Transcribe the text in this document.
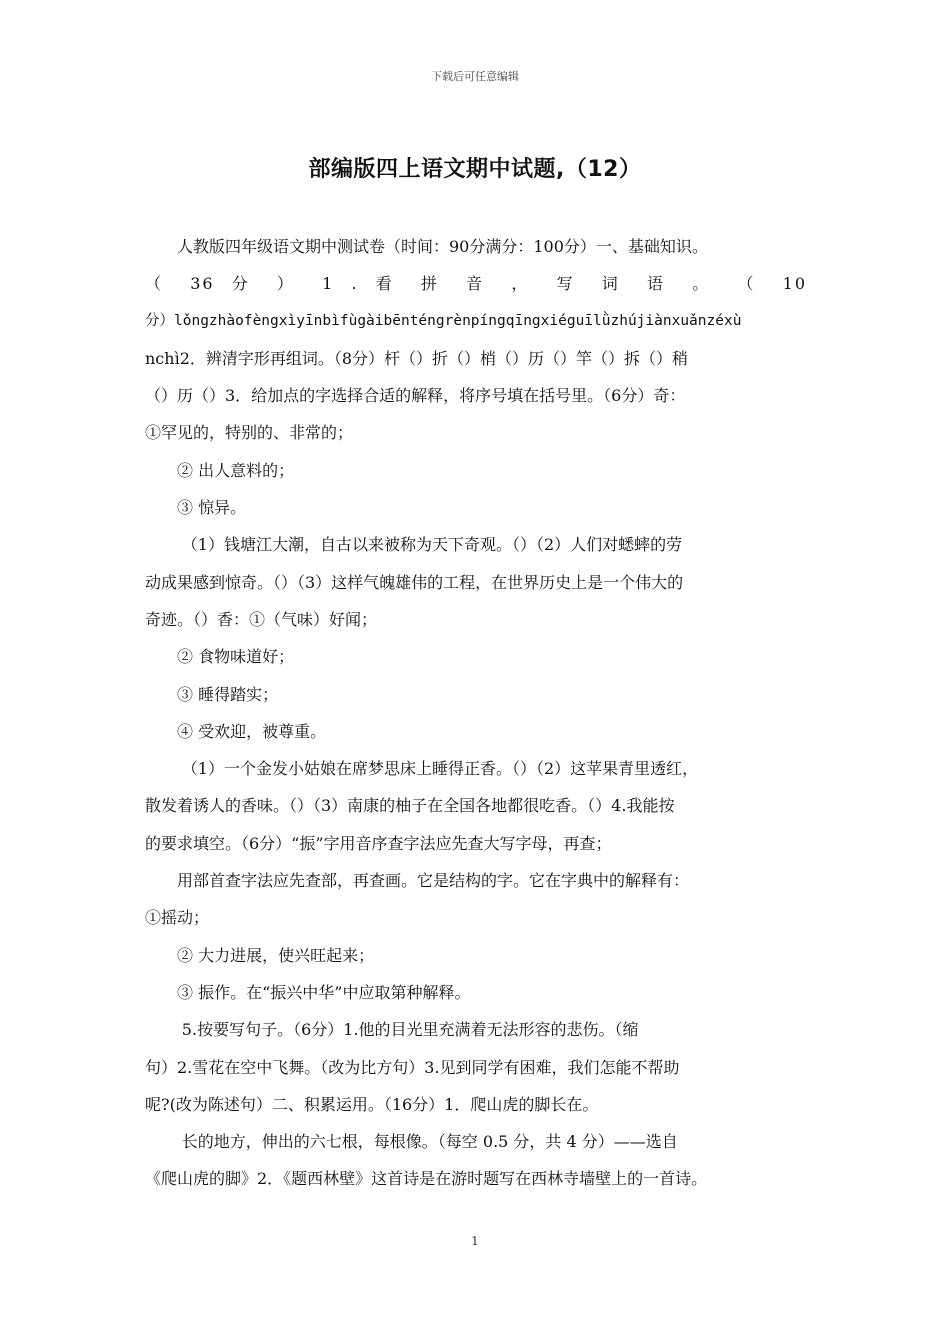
下载后可任意编辑
部编版四上语文期中试题,（12）

人教版四年级语文期中测试卷（时间：90分满分：100分）一、基础知识。

（ 36 分 ） 1 . 看 拼 音 ， 写 词 语 。 （ 10

分）lǒngzhàofèngxìyīnbìfùgàibēnténgrènpíngqīngxiéguīlǜzhújiànxuǎnzéxù

nchì2．辨清字形再组词。（8分）杆（）折（）梢（）历（）竿（）拆（）稍

（）历（）3．给加点的字选择合适的解释，将序号填在括号里。（6分）奇：

①罕见的，特别的、非常的；

② 出人意料的；

③ 惊异。

（1）钱塘江大潮，自古以来被称为天下奇观。（）（2）人们对蟋蟀的劳

动成果感到惊奇。（）（3）这样气魄雄伟的工程，在世界历史上是一个伟大的

奇迹。（）香：①（气味）好闻；

② 食物味道好；

③ 睡得踏实；

④ 受欢迎，被尊重。

（1）一个金发小姑娘在席梦思床上睡得正香。（）（2）这苹果青里透红，

散发着诱人的香味。（）（3）南康的柚子在全国各地都很吃香。（）4.我能按

的要求填空。（6分）“振”字用音序查字法应先查大写字母，再查；

用部首查字法应先查部，再查画。它是结构的字。它在字典中的解释有：

①摇动；

② 大力进展，使兴旺起来；

③ 振作。在“振兴中华”中应取第种解释。

5.按要写句子。（6分）1.他的目光里充满着无法形容的悲伤。（缩

句）2.雪花在空中飞舞。（改为比方句）3.见到同学有困难，我们怎能不帮助

呢?(改为陈述句）二、积累运用。（16分）1．爬山虎的脚长在。

长的地方，伸出的六七根，每根像。（每空 0.5 分，共 4 分）——选自

《爬山虎的脚》2．《题西林壁》这首诗是在游时题写在西林寺墙壁上的一首诗。

1
